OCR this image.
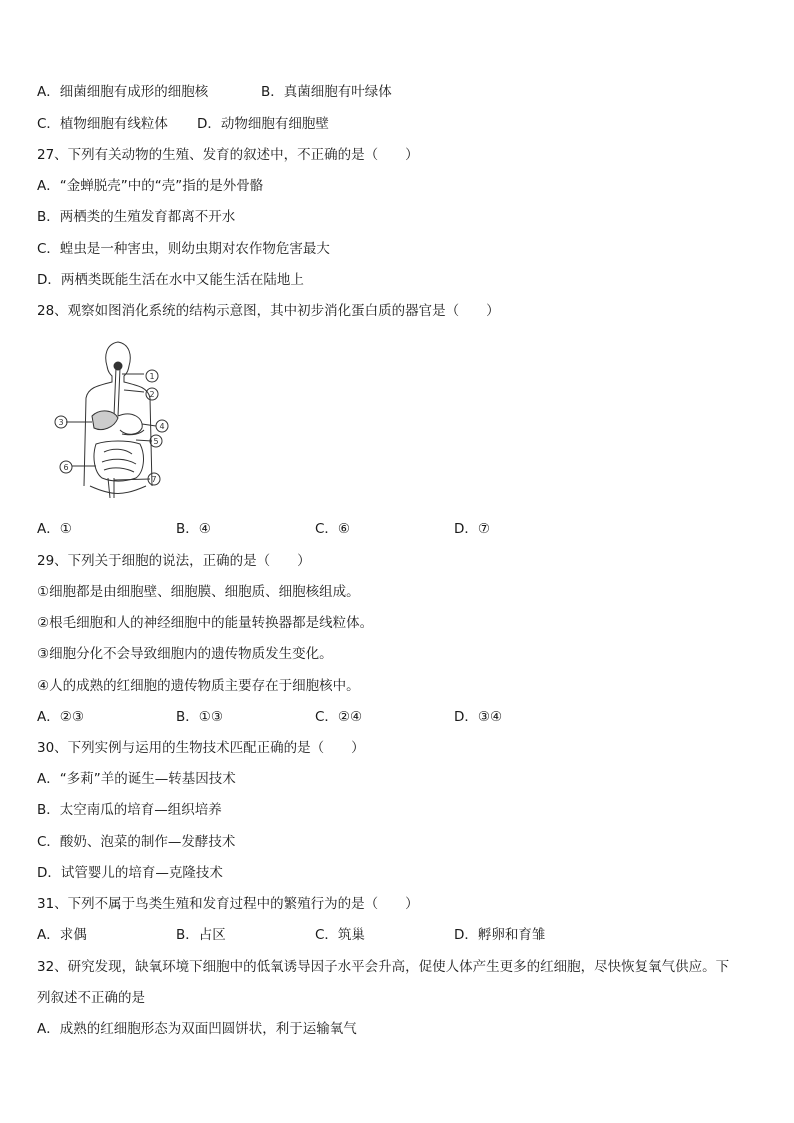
A．细菌细胞有成形的细胞核	B．真菌细胞有叶绿体
C．植物细胞有线粒体 D．动物细胞有细胞壁
27、下列有关动物的生殖、发育的叙述中，不正确的是（　　）
A．“金蝉脱壳”中的“壳”指的是外骨骼
B．两栖类的生殖发育都离不开水
C．蝗虫是一种害虫，则幼虫期对农作物危害最大
D．两栖类既能生活在水中又能生活在陆地上
28、观察如图消化系统的结构示意图，其中初步消化蛋白质的器官是（　　）
1
2
3	4
5
6
7
A．①	B．④	C．⑥	D．⑦
29、下列关于细胞的说法，正确的是（　　）
①细胞都是由细胞壁、细胞膜、细胞质、细胞核组成。
②根毛细胞和人的神经细胞中的能量转换器都是线粒体。
③细胞分化不会导致细胞内的遗传物质发生变化。
④人的成熟的红细胞的遗传物质主要存在于细胞核中。
A．②③	B．①③	C．②④	D．③④
30、下列实例与运用的生物技术匹配正确的是（　　）
A．“多莉”羊的诞生—转基因技术
B．太空南瓜的培育—组织培养
C．酸奶、泡菜的制作—发酵技术
D．试管婴儿的培育—克隆技术
31、下列不属于鸟类生殖和发育过程中的繁殖行为的是（　　）
A．求偶	B．占区	C．筑巢	D．孵卵和育雏
32、研究发现，缺氧环境下细胞中的低氧诱导因子水平会升高，促使人体产生更多的红细胞，尽快恢复氧气供应。下
列叙述不正确的是
A．成熟的红细胞形态为双面凹圆饼状，利于运输氧气
